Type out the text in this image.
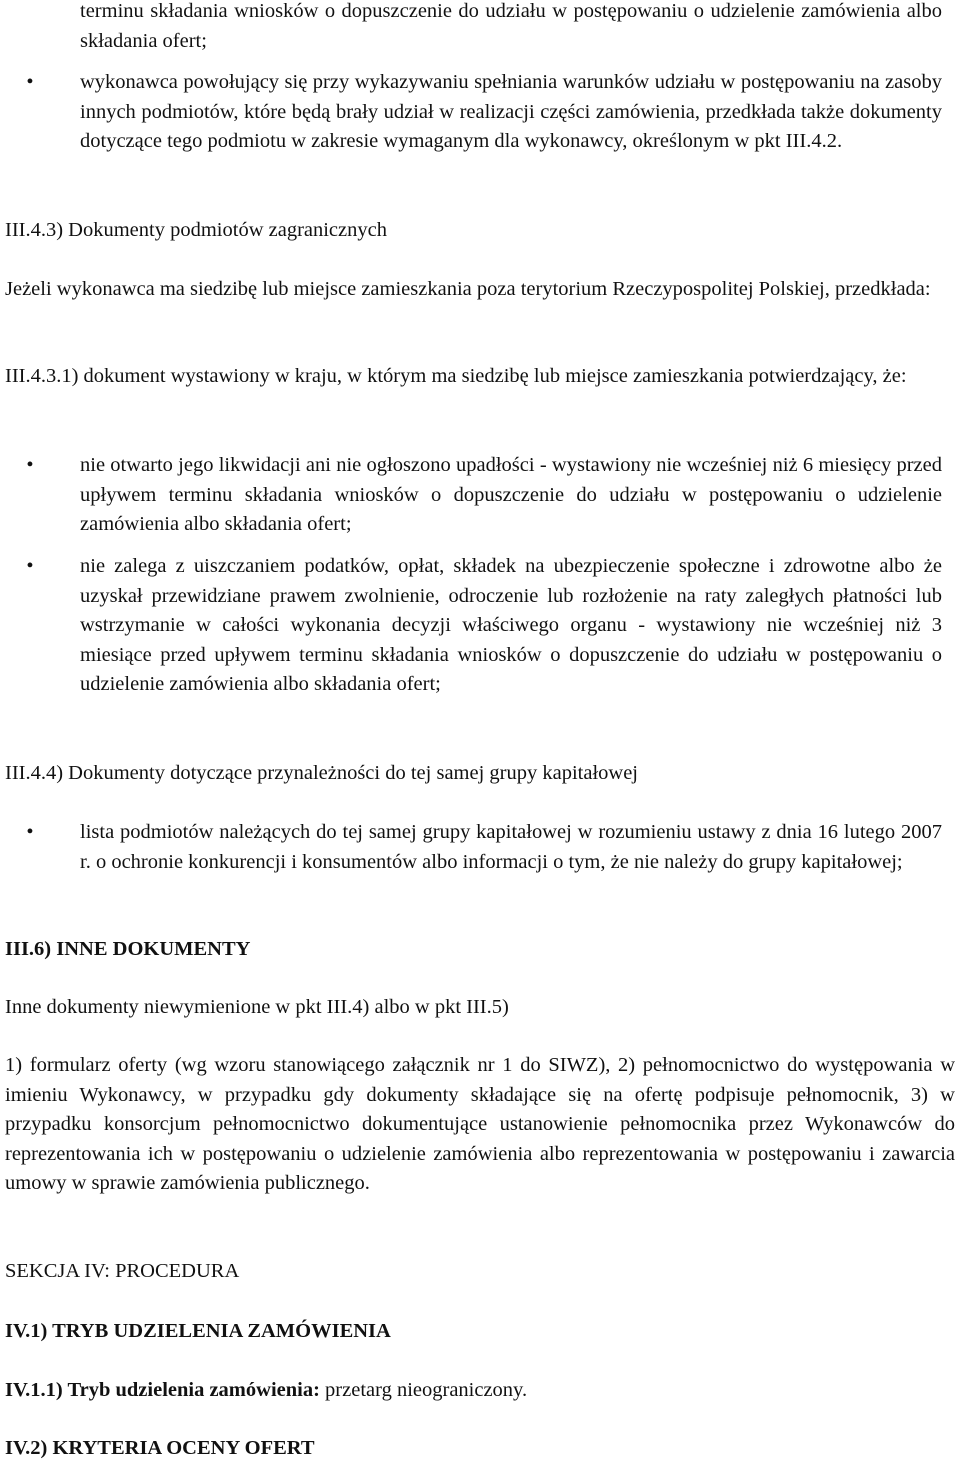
terminu składania wniosków o dopuszczenie do udziału w postępowaniu o udzielenie zamówienia albo składania ofert;

•	wykonawca powołujący się przy wykazywaniu spełniania warunków udziału w postępowaniu na zasoby innych podmiotów, które będą brały udział w realizacji części zamówienia, przedkłada także dokumenty dotyczące tego podmiotu w zakresie wymaganym dla wykonawcy, określonym w pkt III.4.2.

III.4.3) Dokumenty podmiotów zagranicznych

Jeżeli wykonawca ma siedzibę lub miejsce zamieszkania poza terytorium Rzeczypospolitej Polskiej, przedkłada:

III.4.3.1) dokument wystawiony w kraju, w którym ma siedzibę lub miejsce zamieszkania potwierdzający, że:

•	nie otwarto jego likwidacji ani nie ogłoszono upadłości - wystawiony nie wcześniej niż 6 miesięcy przed upływem terminu składania wniosków o dopuszczenie do udziału w postępowaniu o udzielenie zamówienia albo składania ofert;

•	nie zalega z uiszczaniem podatków, opłat, składek na ubezpieczenie społeczne i zdrowotne albo że uzyskał przewidziane prawem zwolnienie, odroczenie lub rozłożenie na raty zaległych płatności lub wstrzymanie w całości wykonania decyzji właściwego organu - wystawiony nie wcześniej niż 3 miesiące przed upływem terminu składania wniosków o dopuszczenie do udziału w postępowaniu o udzielenie zamówienia albo składania ofert;

III.4.4) Dokumenty dotyczące przynależności do tej samej grupy kapitałowej

•	lista podmiotów należących do tej samej grupy kapitałowej w rozumieniu ustawy z dnia 16 lutego 2007 r. o ochronie konkurencji i konsumentów albo informacji o tym, że nie należy do grupy kapitałowej;

III.6) INNE DOKUMENTY

Inne dokumenty niewymienione w pkt III.4) albo w pkt III.5)

1) formularz oferty (wg wzoru stanowiącego załącznik nr 1 do SIWZ), 2) pełnomocnictwo do występowania w imieniu Wykonawcy, w przypadku gdy dokumenty składające się na ofertę podpisuje pełnomocnik, 3) w przypadku konsorcjum pełnomocnictwo dokumentujące ustanowienie pełnomocnika przez Wykonawców do reprezentowania ich w postępowaniu o udzielenie zamówienia albo reprezentowania w postępowaniu i zawarcia umowy w sprawie zamówienia publicznego.

SEKCJA IV: PROCEDURA

IV.1) TRYB UDZIELENIA ZAMÓWIENIA

IV.1.1) Tryb udzielenia zamówienia: przetarg nieograniczony.

IV.2) KRYTERIA OCENY OFERT
